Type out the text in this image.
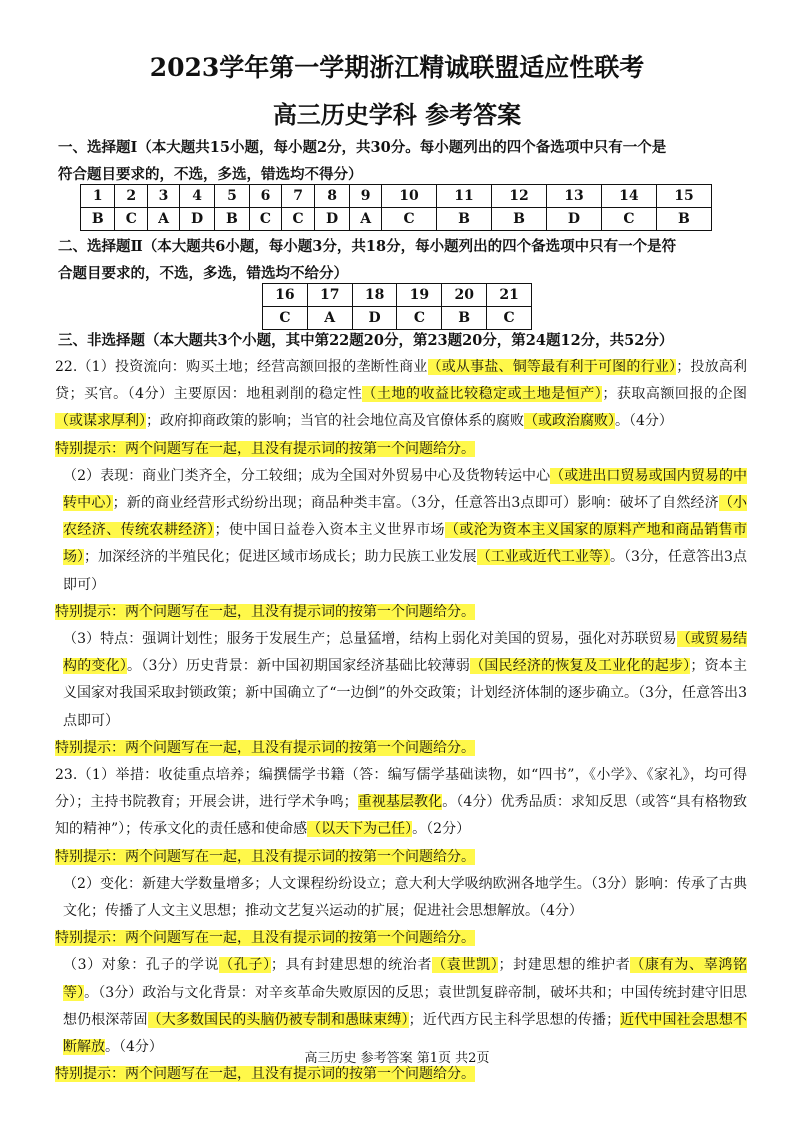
2023学年第一学期浙江精诚联盟适应性联考
高三历史学科 参考答案
一、选择题Ⅰ（本大题共15小题，每小题2分，共30分。每小题列出的四个备选项中只有一个是
符合题目要求的，不选，多选，错选均不得分）
1	2	3	4	5	6	7	8	9	10	11	12	13	14	15
B	C	A	D	B	C	C	D	A	C	B	B	D	C	B
二、选择题Ⅱ（本大题共6小题，每小题3分，共18分，每小题列出的四个备选项中只有一个是符
合题目要求的，不选，多选，错选均不给分）
16	17	18	19	20	21
C	A	D	C	B	C
三、非选择题（本大题共3个小题，其中第22题20分，第23题20分，第24题12分，共52分）

22.（1）投资流向：购买土地；经营高额回报的垄断性商业（或从事盐、铜等最有利于可图的行业）；投放高利贷；买官。（4分）主要原因：地租剥削的稳定性（土地的收益比较稳定或土地是恒产）；获取高额回报的企图（或谋求厚利）；政府抑商政策的影响；当官的社会地位高及官僚体系的腐败（或政治腐败）。（4分）

特别提示：两个问题写在一起，且没有提示词的按第一个问题给分。

（2）表现：商业门类齐全，分工较细；成为全国对外贸易中心及货物转运中心（或进出口贸易或国内贸易的中转中心）；新的商业经营形式纷纷出现；商品种类丰富。（3分，任意答出3点即可）影响：破坏了自然经济（小农经济、传统农耕经济）；使中国日益卷入资本主义世界市场（或沦为资本主义国家的原料产地和商品销售市场）；加深经济的半殖民化；促进区域市场成长；助力民族工业发展（工业或近代工业等）。（3分，任意答出3点即可）

特别提示：两个问题写在一起，且没有提示词的按第一个问题给分。

（3）特点：强调计划性；服务于发展生产；总量猛增，结构上弱化对美国的贸易，强化对苏联贸易（或贸易结构的变化）。（3分）历史背景：新中国初期国家经济基础比较薄弱（国民经济的恢复及工业化的起步）；资本主义国家对我国采取封锁政策；新中国确立了“一边倒”的外交政策；计划经济体制的逐步确立。（3分，任意答出3点即可）

特别提示：两个问题写在一起，且没有提示词的按第一个问题给分。

23.（1）举措：收徒重点培养；编撰儒学书籍（答：编写儒学基础读物，如“四书”，《小学》、《家礼》，均可得分）；主持书院教育；开展会讲，进行学术争鸣；重视基层教化。（4分）优秀品质：求知反思（或答“具有格物致知的精神”）；传承文化的责任感和使命感（以天下为己任）。（2分）

特别提示：两个问题写在一起，且没有提示词的按第一个问题给分。

（2）变化：新建大学数量增多；人文课程纷纷设立；意大利大学吸纳欧洲各地学生。（3分）影响：传承了古典文化；传播了人文主义思想；推动文艺复兴运动的扩展；促进社会思想解放。（4分）

特别提示：两个问题写在一起，且没有提示词的按第一个问题给分。

（3）对象：孔子的学说（孔子）；具有封建思想的统治者（袁世凯）；封建思想的维护者（康有为、辜鸿铭等）。（3分）政治与文化背景：对辛亥革命失败原因的反思；袁世凯复辟帝制，破坏共和；中国传统封建守旧思想仍根深蒂固（大多数国民的头脑仍被专制和愚昧束缚）；近代西方民主科学思想的传播；近代中国社会思想不断解放。（4分）

特别提示：两个问题写在一起，且没有提示词的按第一个问题给分。

高三历史 参考答案 第1页 共2页
